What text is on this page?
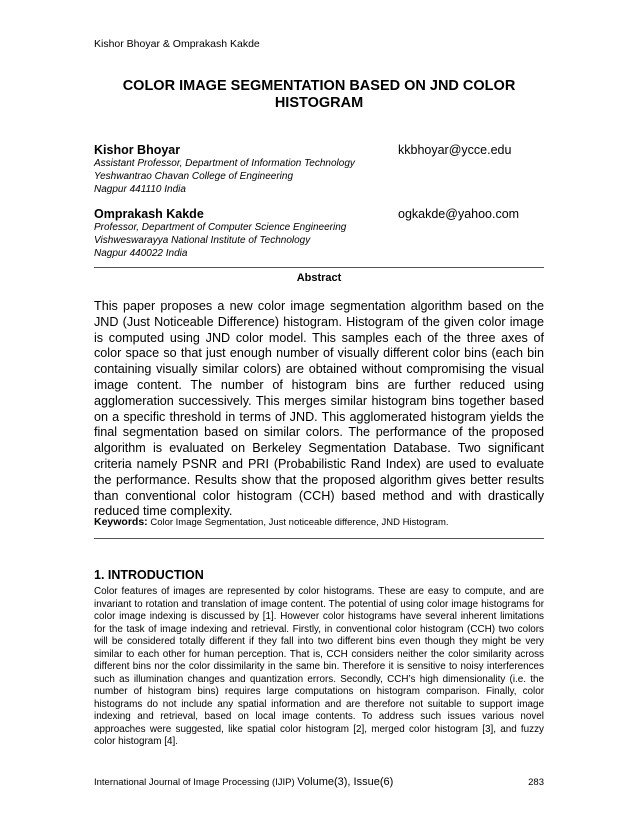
Kishor Bhoyar & Omprakash Kakde
COLOR IMAGE SEGMENTATION BASED ON JND COLOR HISTOGRAM
Kishor Bhoyar	kkbhoyar@ycce.edu
Assistant Professor, Department of Information Technology
Yeshwantrao Chavan College of Engineering
Nagpur 441110 India
Omprakash Kakde	ogkakde@yahoo.com
Professor, Department of Computer Science Engineering
Vishweswarayya National Institute of Technology
Nagpur 440022 India
Abstract
This paper proposes a new color image segmentation algorithm based on the JND (Just Noticeable Difference) histogram. Histogram of the given color image is computed using JND color model. This samples each of the three axes of color space so that just enough number of visually different color bins (each bin containing visually similar colors) are obtained without compromising the visual image content. The number of histogram bins are further reduced using agglomeration successively. This merges similar histogram bins together based on a specific threshold in terms of JND. This agglomerated histogram yields the final segmentation based on similar colors. The performance of the proposed algorithm is evaluated on Berkeley Segmentation Database. Two significant criteria namely PSNR and PRI (Probabilistic Rand Index) are used to evaluate the performance. Results show that the proposed algorithm gives better results than conventional color histogram (CCH) based method and with drastically reduced time complexity.
Keywords: Color Image Segmentation, Just noticeable difference, JND Histogram.
1. INTRODUCTION
Color features of images are represented by color histograms. These are easy to compute, and are invariant to rotation and translation of image content. The potential of using color image histograms for color image indexing is discussed by [1]. However color histograms have several inherent limitations for the task of image indexing and retrieval. Firstly, in conventional color histogram (CCH) two colors will be considered totally different if they fall into two different bins even though they might be very similar to each other for human perception. That is, CCH considers neither the color similarity across different bins nor the color dissimilarity in the same bin. Therefore it is sensitive to noisy interferences such as illumination changes and quantization errors. Secondly, CCH’s high dimensionality (i.e. the number of histogram bins) requires large computations on histogram comparison. Finally, color histograms do not include any spatial information and are therefore not suitable to support image indexing and retrieval, based on local image contents. To address such issues various novel approaches were suggested, like spatial color histogram [2], merged color histogram [3], and fuzzy color histogram [4].
International Journal of Image Processing (IJIP) Volume(3), Issue(6)	283
